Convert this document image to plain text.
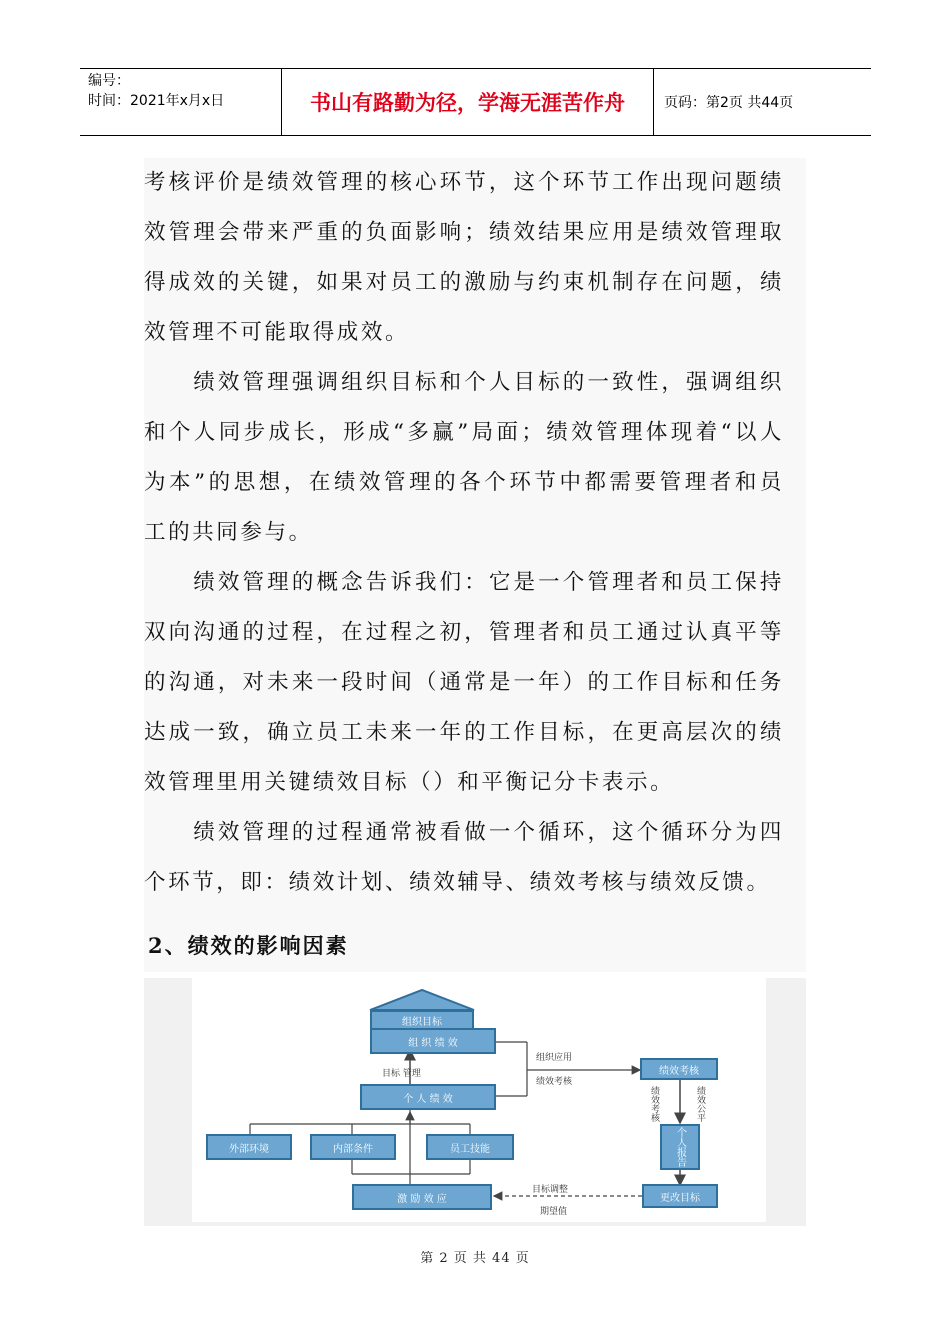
编号：
时间：2021年x月x日	书山有路勤为径，学海无涯苦作舟	页码：第2页 共44页

考核评价是绩效管理的核心环节，这个环节工作出现问题绩效管理会带来严重的负面影响；绩效结果应用是绩效管理取得成效的关键，如果对员工的激励与约束机制存在问题，绩效管理不可能取得成效。

　　绩效管理强调组织目标和个人目标的一致性，强调组织和个人同步成长，形成“多赢”局面；绩效管理体现着“以人为本”的思想，在绩效管理的各个环节中都需要管理者和员工的共同参与。

　　绩效管理的概念告诉我们：它是一个管理者和员工保持双向沟通的过程，在过程之初，管理者和员工通过认真平等的沟通，对未来一段时间（通常是一年）的工作目标和任务达成一致，确立员工未来一年的工作目标，在更高层次的绩效管理里用关键绩效目标（）和平衡记分卡表示。

　　绩效管理的过程通常被看做一个循环，这个循环分为四个环节，即：绩效计划、绩效辅导、绩效考核与绩效反馈。

2、绩效的影响因素
组织目标
组 织 绩 效
目标 管理
个 人 绩 效
外部环境	内部条件	员工技能
激 励 效 应
组织应用
绩效考核
绩效考核
绩效考核	绩效公平
个人报告
更改目标
目标调整
期望值
第 2 页 共 44 页
